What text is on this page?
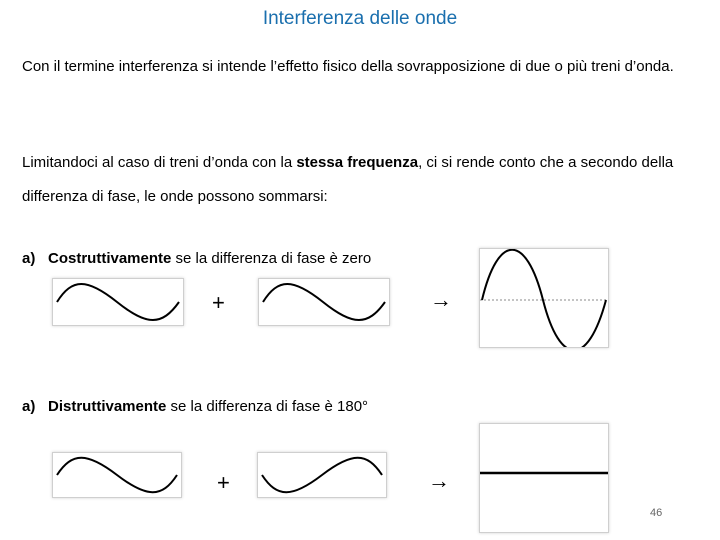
Interferenza delle onde

Con il termine interferenza si intende l’effetto fisico della sovrapposizione di due o più treni d’onda.

Limitandoci al caso di treni d’onda con la stessa frequenza, ci si rende conto che a secondo della differenza di fase, le onde possono sommarsi:

a) Costruttivamente se la differenza di fase è zero
+	→
a) Distruttivamente se la differenza di fase è 180°
+	→
46
